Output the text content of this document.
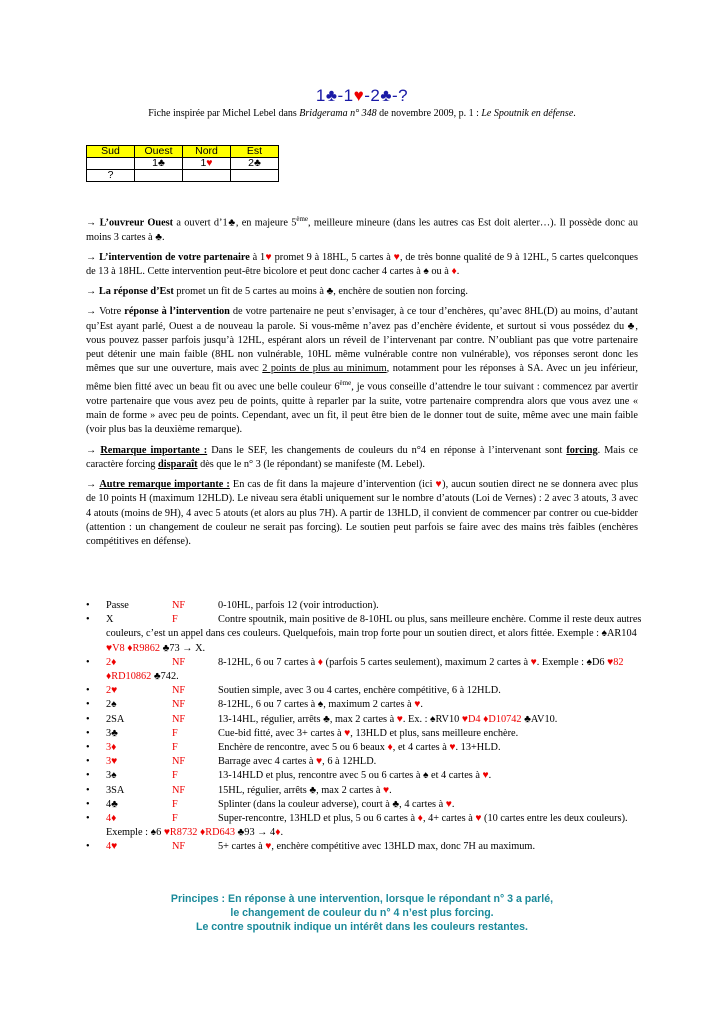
1♣-1♥-2♣-?
Fiche inspirée par Michel Lebel dans Bridgerama n° 348 de novembre 2009, p. 1 : Le Spoutnik en défense.
Sud	Ouest	Nord	Est
	1♣	1♥	2♣
?			

→ L’ouvreur Ouest a ouvert d’1♣, en majeure 5ème, meilleure mineure (dans les autres cas Est doit alerter…). Il possède donc au moins 3 cartes à ♣.

→ L’intervention de votre partenaire à 1♥ promet 9 à 18HL, 5 cartes à ♥, de très bonne qualité de 9 à 12HL, 5 cartes quelconques de 13 à 18HL. Cette intervention peut-être bicolore et peut donc cacher 4 cartes à ♠ ou à ♦.

→ La réponse d’Est promet un fit de 5 cartes au moins à ♣, enchère de soutien non forcing.

→ Votre réponse à l’intervention de votre partenaire ne peut s’envisager, à ce tour d’enchères, qu’avec 8HL(D) au moins, d’autant qu’Est ayant parlé, Ouest a de nouveau la parole. Si vous-même n’avez pas d’enchère évidente, et surtout si vous possédez du ♣, vous pouvez passer parfois jusqu’à 12HL, espérant alors un réveil de l’intervenant par contre. N’oubliant pas que votre partenaire peut détenir une main faible (8HL non vulnérable, 10HL même vulnérable contre non vulnérable), vos réponses seront donc les mêmes que sur une ouverture, mais avec 2 points de plus au minimum, notamment pour les réponses à SA. Avec un jeu inférieur, même bien fitté avec un beau fit ou avec une belle couleur 6ème, je vous conseille d’attendre le tour suivant : commencez par avertir votre partenaire que vous avez peu de points, quitte à reparler par la suite, votre partenaire comprendra alors que vous avez une « main de forme » avec peu de points. Cependant, avec un fit, il peut être bien de le donner tout de suite, même avec une main faible (voir plus bas la deuxième remarque).

→ Remarque importante : Dans le SEF, les changements de couleurs du n°4 en réponse à l’intervenant sont forcing. Mais ce caractère forcing disparaît dès que le n° 3 (le répondant) se manifeste (M. Lebel).

→ Autre remarque importante : En cas de fit dans la majeure d’intervention (ici ♥), aucun soutien direct ne se donnera avec plus de 10 points H (maximum 12HLD). Le niveau sera établi uniquement sur le nombre d’atouts (Loi de Vernes) : 2 avec 3 atouts, 3 avec 4 atouts (moins de 9H), 4 avec 5 atouts (et alors au plus 7H). A partir de 13HLD, il convient de commencer par contrer ou cue-bidder (attention : un changement de couleur ne serait pas forcing). Le soutien peut parfois se faire avec des mains très faibles (enchères compétitives en défense).

• Passe	NF	0-10HL, parfois 12 (voir introduction).
• X	F	Contre spoutnik, main positive de 8-10HL ou plus, sans meilleure enchère. Comme il reste deux autres couleurs, c’est un appel dans ces couleurs. Quelquefois, main trop forte pour un soutien direct, et alors fittée. Exemple : ♠AR104 ♥V8 ♦R9862 ♣73 → X.
• 2♦	NF	8-12HL, 6 ou 7 cartes à ♦ (parfois 5 cartes seulement), maximum 2 cartes à ♥. Exemple : ♠D6 ♥82 ♦RD10862 ♣742.
• 2♥	NF	Soutien simple, avec 3 ou 4 cartes, enchère compétitive, 6 à 12HLD.
• 2♠	NF	8-12HL, 6 ou 7 cartes à ♠, maximum 2 cartes à ♥.
• 2SA	NF	13-14HL, régulier, arrêts ♣, max 2 cartes à ♥. Ex. : ♠RV10 ♥D4 ♦D10742 ♣AV10.
• 3♣	F	Cue-bid fitté, avec 3+ cartes à ♥, 13HLD et plus, sans meilleure enchère.
• 3♦	F	Enchère de rencontre, avec 5 ou 6 beaux ♦, et 4 cartes à ♥. 13+HLD.
• 3♥	NF	Barrage avec 4 cartes à ♥, 6 à 12HLD.
• 3♠	F	13-14HLD et plus, rencontre avec 5 ou 6 cartes à ♠ et 4 cartes à ♥.
• 3SA	NF	15HL, régulier, arrêts ♣, max 2 cartes à ♥.
• 4♣	F	Splinter (dans la couleur adverse), court à ♣, 4 cartes à ♥.
• 4♦	F	Super-rencontre, 13HLD et plus, 5 ou 6 cartes à ♦, 4+ cartes à ♥ (10 cartes entre les deux couleurs). Exemple : ♠6 ♥R8732 ♦RD643 ♣93 → 4♦.
• 4♥	NF	5+ cartes à ♥, enchère compétitive avec 13HLD max, donc 7H au maximum.
Principes : En réponse à une intervention, lorsque le répondant n° 3 a parlé,
le changement de couleur du n° 4 n’est plus forcing.
Le contre spoutnik indique un intérêt dans les couleurs restantes.
